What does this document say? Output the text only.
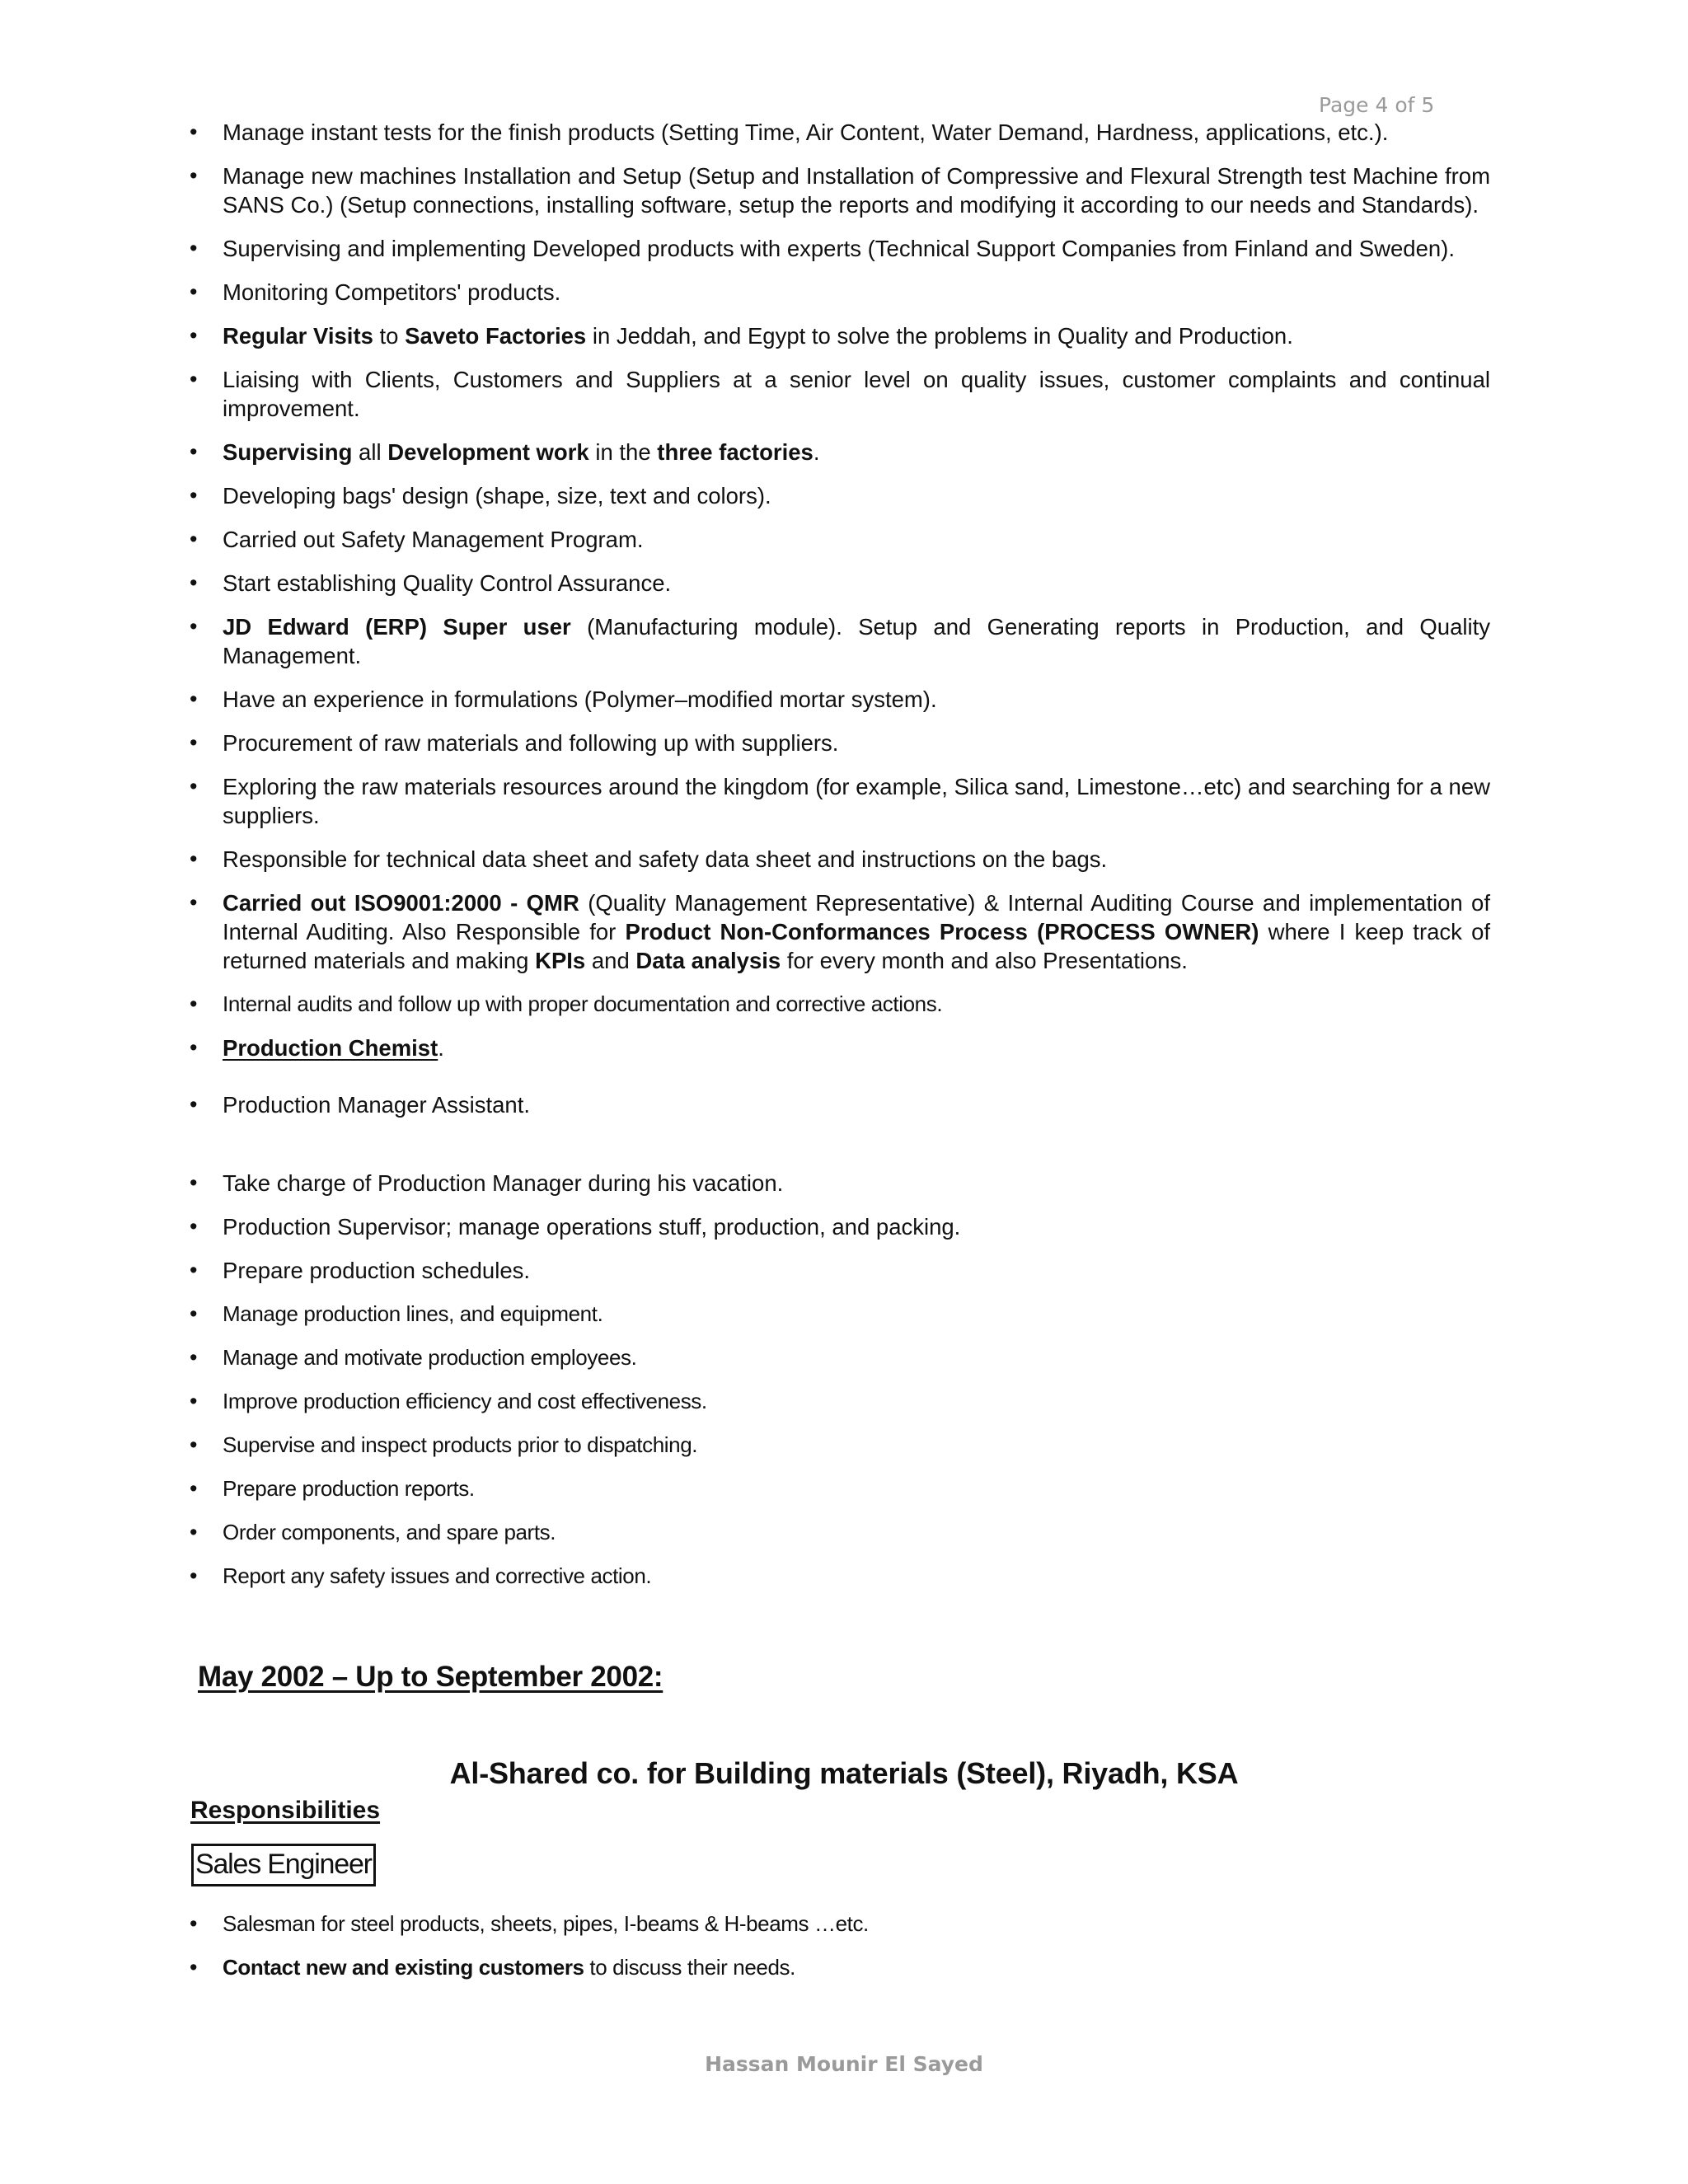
Page 4 of 5
• Manage instant tests for the finish products (Setting Time, Air Content, Water Demand, Hardness, applications, etc.).
• Manage new machines Installation and Setup (Setup and Installation of Compressive and Flexural Strength test Machine from SANS Co.) (Setup connections, installing software, setup the reports and modifying it according to our needs and Standards).
• Supervising and implementing Developed products with experts (Technical Support Companies from Finland and Sweden).
• Monitoring Competitors' products.
• Regular Visits to Saveto Factories in Jeddah, and Egypt to solve the problems in Quality and Production.
• Liaising with Clients, Customers and Suppliers at a senior level on quality issues, customer complaints and continual improvement.
• Supervising all Development work in the three factories.
• Developing bags' design (shape, size, text and colors).
• Carried out Safety Management Program.
• Start establishing Quality Control Assurance.
• JD Edward (ERP) Super user (Manufacturing module). Setup and Generating reports in Production, and Quality Management.
• Have an experience in formulations (Polymer–modified mortar system).
• Procurement of raw materials and following up with suppliers.
• Exploring the raw materials resources around the kingdom (for example, Silica sand, Limestone…etc) and searching for a new suppliers.
• Responsible for technical data sheet and safety data sheet and instructions on the bags.
• Carried out ISO9001:2000 - QMR (Quality Management Representative) & Internal Auditing Course and implementation of Internal Auditing. Also Responsible for Product Non-Conformances Process (PROCESS OWNER) where I keep track of returned materials and making KPIs and Data analysis for every month and also Presentations.
• Internal audits and follow up with proper documentation and corrective actions.
• Production Chemist.
• Production Manager Assistant.
• Take charge of Production Manager during his vacation.
• Production Supervisor; manage operations stuff, production, and packing.
• Prepare production schedules.
• Manage production lines, and equipment.
• Manage and motivate production employees.
• Improve production efficiency and cost effectiveness.
• Supervise and inspect products prior to dispatching.
• Prepare production reports.
• Order components, and spare parts.
• Report any safety issues and corrective action.
May 2002 – Up to September 2002:
Al-Shared co. for Building materials (Steel), Riyadh, KSA
Responsibilities
Sales Engineer
• Salesman for steel products, sheets, pipes, I-beams & H-beams …etc.
• Contact new and existing customers to discuss their needs.
Hassan Mounir El Sayed
